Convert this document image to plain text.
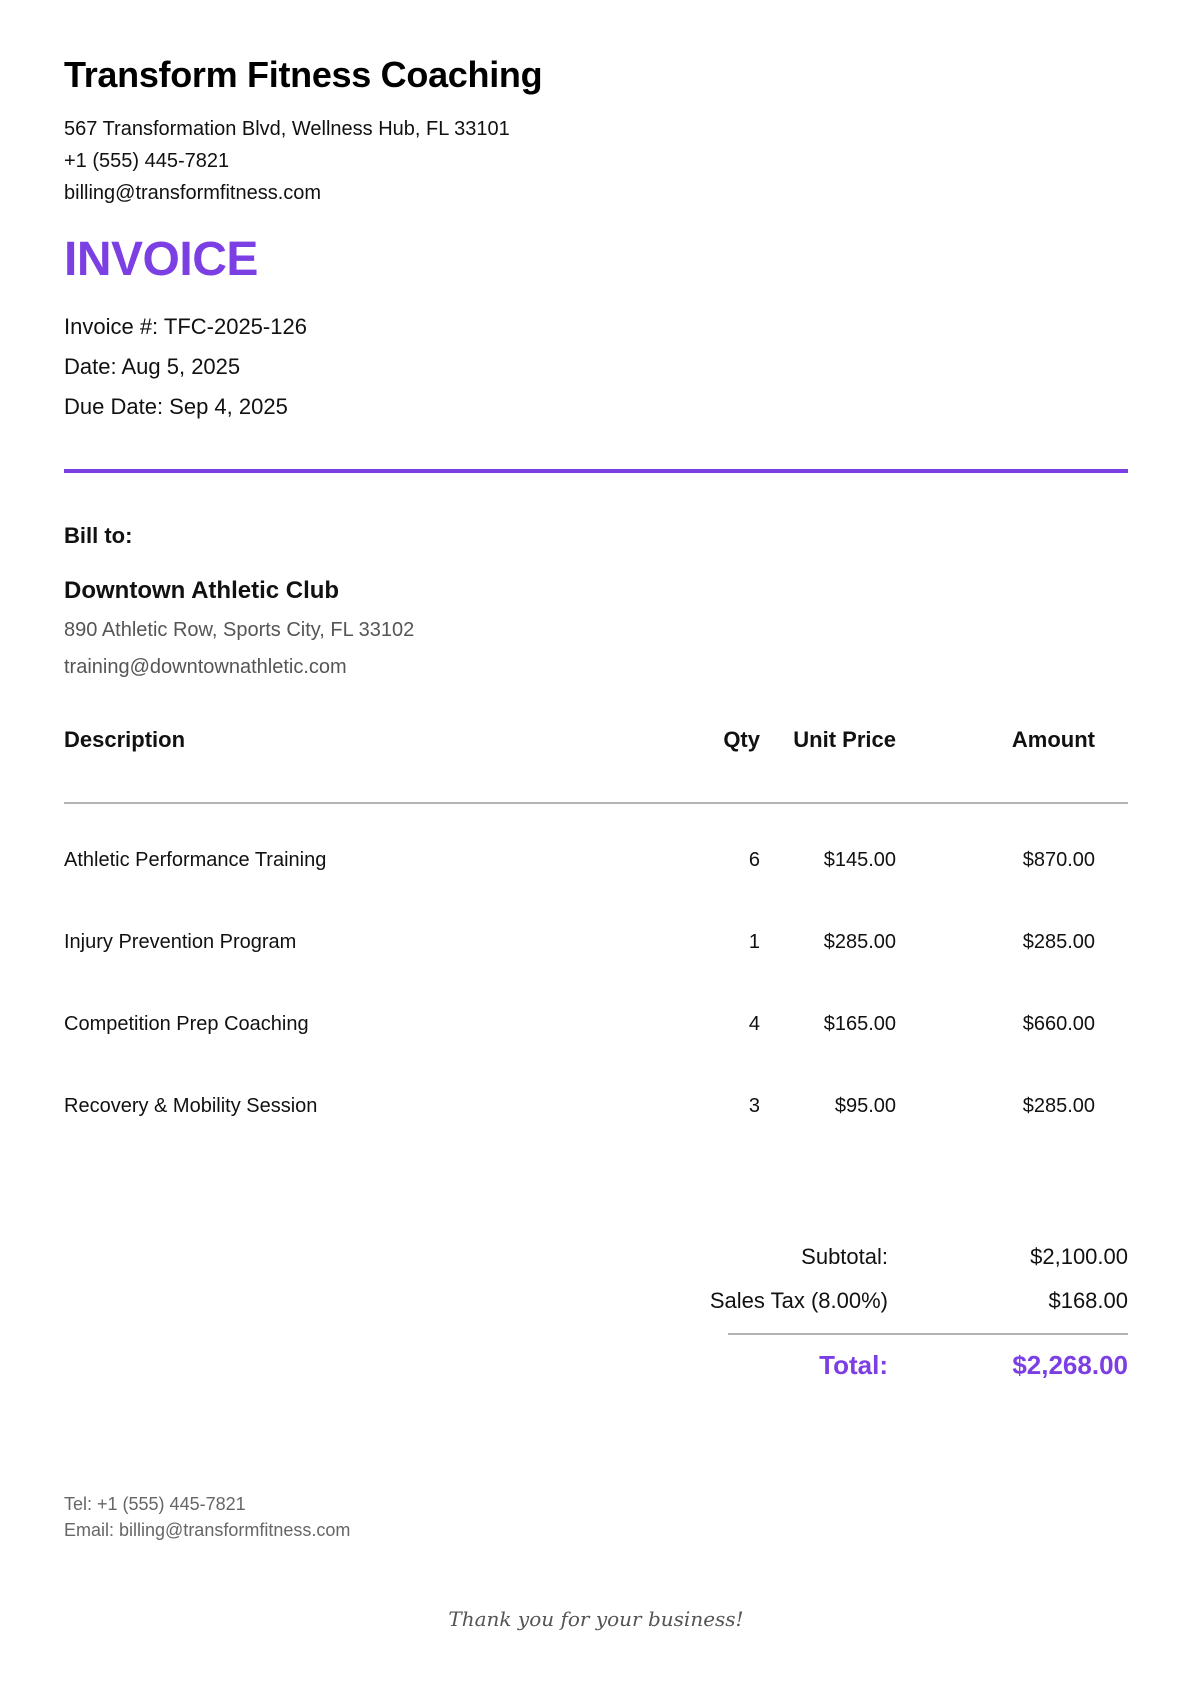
Transform Fitness Coaching
567 Transformation Blvd, Wellness Hub, FL 33101
+1 (555) 445-7821
billing@transformfitness.com
INVOICE
Invoice #: TFC-2025-126
Date: Aug 5, 2025
Due Date: Sep 4, 2025
Bill to:
Downtown Athletic Club
890 Athletic Row, Sports City, FL 33102
training@downtownathletic.com
Description	Qty Unit Price	Amount
Athletic Performance Training	6	$145.00	$870.00
Injury Prevention Program	1	$285.00	$285.00
Competition Prep Coaching	4	$165.00	$660.00
Recovery & Mobility Session	3	$95.00	$285.00
Subtotal:	$2,100.00
Sales Tax (8.00%)	$168.00
Total:	$2,268.00
Tel: +1 (555) 445-7821
Email: billing@transformfitness.com
Thank you for your business!
